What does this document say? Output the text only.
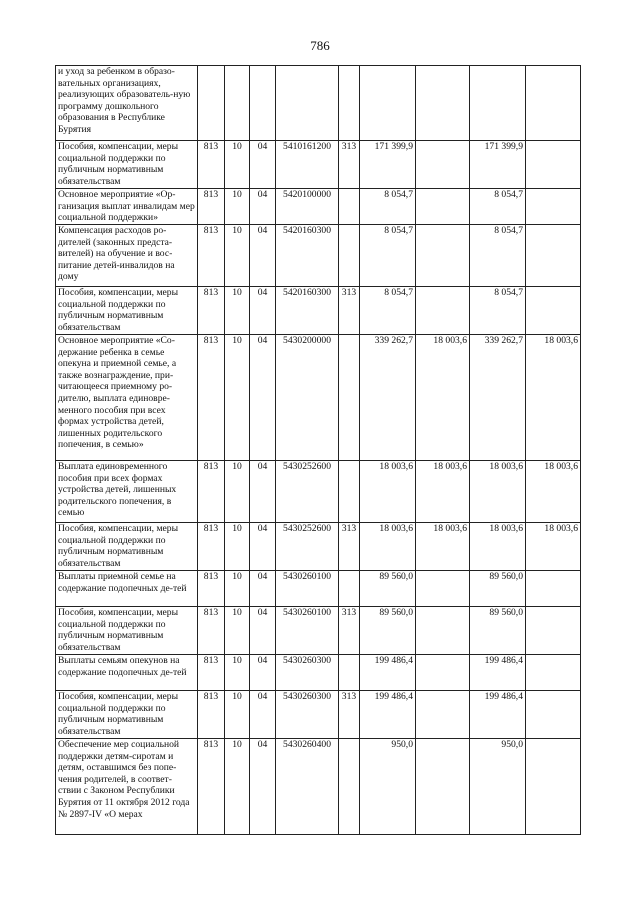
786
и уход за ребенком в образо-вательных организациях, реализующих образователь-ную программу дошкольного образования в Республике Бурятия									
Пособия, компенсации, меры социальной поддержки по публичным нормативным обязательствам	813	10	04	5410161200	313	171 399,9		171 399,9	
Основное мероприятие «Ор-ганизация выплат инвалидам мер социальной поддержки»	813	10	04	5420100000		8 054,7		8 054,7	
Компенсация расходов ро-дителей (законных предста-вителей) на обучение и вос-питание детей-инвалидов на дому	813	10	04	5420160300		8 054,7		8 054,7	
Пособия, компенсации, меры социальной поддержки по публичным нормативным обязательствам	813	10	04	5420160300	313	8 054,7		8 054,7	
Основное мероприятие «Со-держание ребенка в семье опекуна и приемной семье, а также вознаграждение, при-читающееся приемному ро-дителю, выплата единовре-менного пособия при всех формах устройства детей, лишенных родительского попечения, в семью»	813	10	04	5430200000		339 262,7	18 003,6	339 262,7	18 003,6
Выплата единовременного пособия при всех формах устройства детей, лишенных родительского попечения, в семью	813	10	04	5430252600		18 003,6	18 003,6	18 003,6	18 003,6
Пособия, компенсации, меры социальной поддержки по публичным нормативным обязательствам	813	10	04	5430252600	313	18 003,6	18 003,6	18 003,6	18 003,6
Выплаты приемной семье на содержание подопечных де-тей	813	10	04	5430260100		89 560,0		89 560,0	
Пособия, компенсации, меры социальной поддержки по публичным нормативным обязательствам	813	10	04	5430260100	313	89 560,0		89 560,0	
Выплаты семьям опекунов на содержание подопечных де-тей	813	10	04	5430260300		199 486,4		199 486,4	
Пособия, компенсации, меры социальной поддержки по публичным нормативным обязательствам	813	10	04	5430260300	313	199 486,4		199 486,4	
Обеспечение мер социальной поддержки детям-сиротам и детям, оставшимся без попе-чения родителей, в соответ-ствии с Законом Республики Бурятия от 11 октября 2012 года № 2897-IV «О мерах	813	10	04	5430260400		950,0		950,0	
